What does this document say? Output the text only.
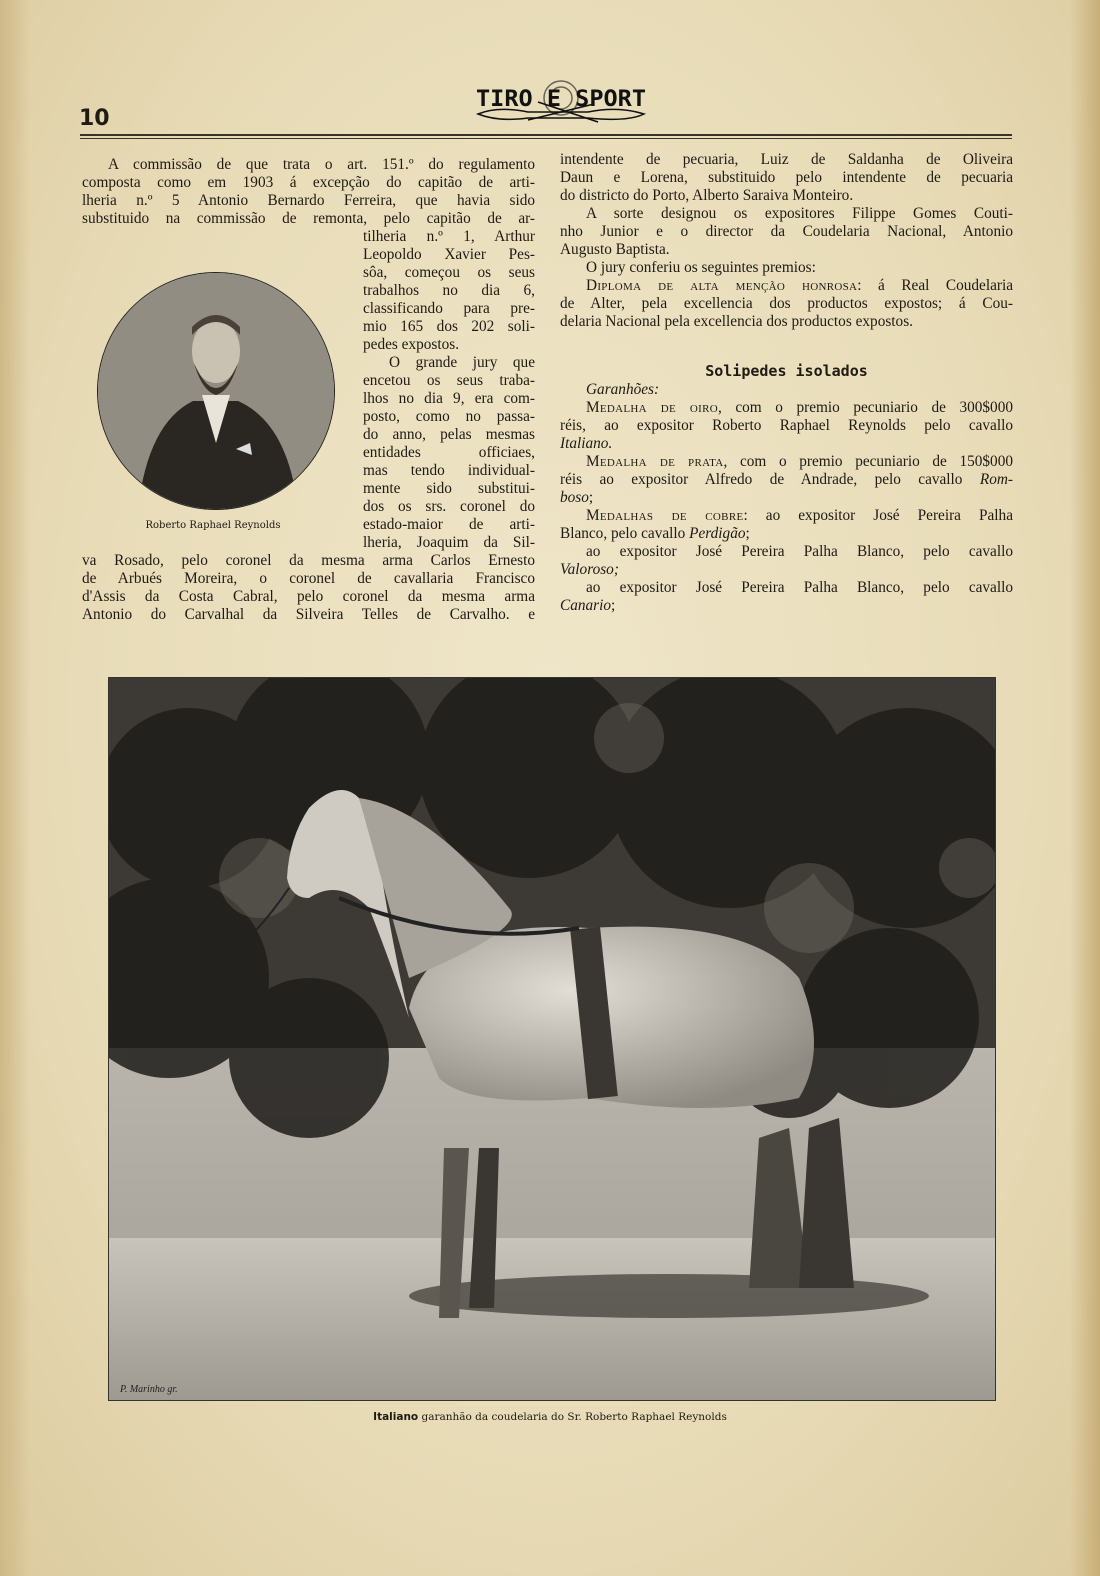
10
TIRO E SPORT
A commissão de que trata o art. 151.º do regulamento
composta como em 1903 á excepção do capitão de arti-
lheria n.º 5 Antonio Bernardo Ferreira, que havia sido
substituido na commissão de remonta, pelo capitão de ar-
tilheria n.º 1, Arthur
Leopoldo Xavier Pes-
sôa, começou os seus
trabalhos no dia 6,
classificando para pre-
mio 165 dos 202 soli-
pedes expostos.
O grande jury que
encetou os seus traba-
lhos no dia 9, era com-
posto, como no passa-
do anno, pelas mesmas
entidades officiaes,
mas tendo individual-
mente sido substitui-
dos os srs. coronel do
estado-maior de arti-
lheria, Joaquim da Sil-
va Rosado, pelo coronel da mesma arma Carlos Ernesto
de Arbués Moreira, o coronel de cavallaria Francisco
d'Assis da Costa Cabral, pelo coronel da mesma arma
Antonio do Carvalhal da Silveira Telles de Carvalho. e
Roberto Raphael Reynolds
intendente de pecuaria, Luiz de Saldanha de Oliveira
Daun e Lorena, substituido pelo intendente de pecuaria
do districto do Porto, Alberto Saraiva Monteiro.
A sorte designou os expositores Filippe Gomes Couti-
nho Junior e o director da Coudelaria Nacional, Antonio
Augusto Baptista.
O jury conferiu os seguintes premios:
Diploma de alta menção honrosa: á Real Coudelaria
de Alter, pela excellencia dos productos expostos; á Cou-
delaria Nacional pela excellencia dos productos expostos.
Solipedes isolados
Garanhões:
Medalha de oiro, com o premio pecuniario de 300$000
réis, ao expositor Roberto Raphael Reynolds pelo cavallo
Italiano.
Medalha de prata, com o premio pecuniario de 150$000
réis ao expositor Alfredo de Andrade, pelo cavallo Rom-
boso;
Medalhas de cobre: ao expositor José Pereira Palha
Blanco, pelo cavallo Perdigão;
ao expositor José Pereira Palha Blanco, pelo cavallo
Valoroso;
ao expositor José Pereira Palha Blanco, pelo cavallo
Canario;
P. Marinho gr.
Italiano garanhão da coudelaria do Sr. Roberto Raphael Reynolds
